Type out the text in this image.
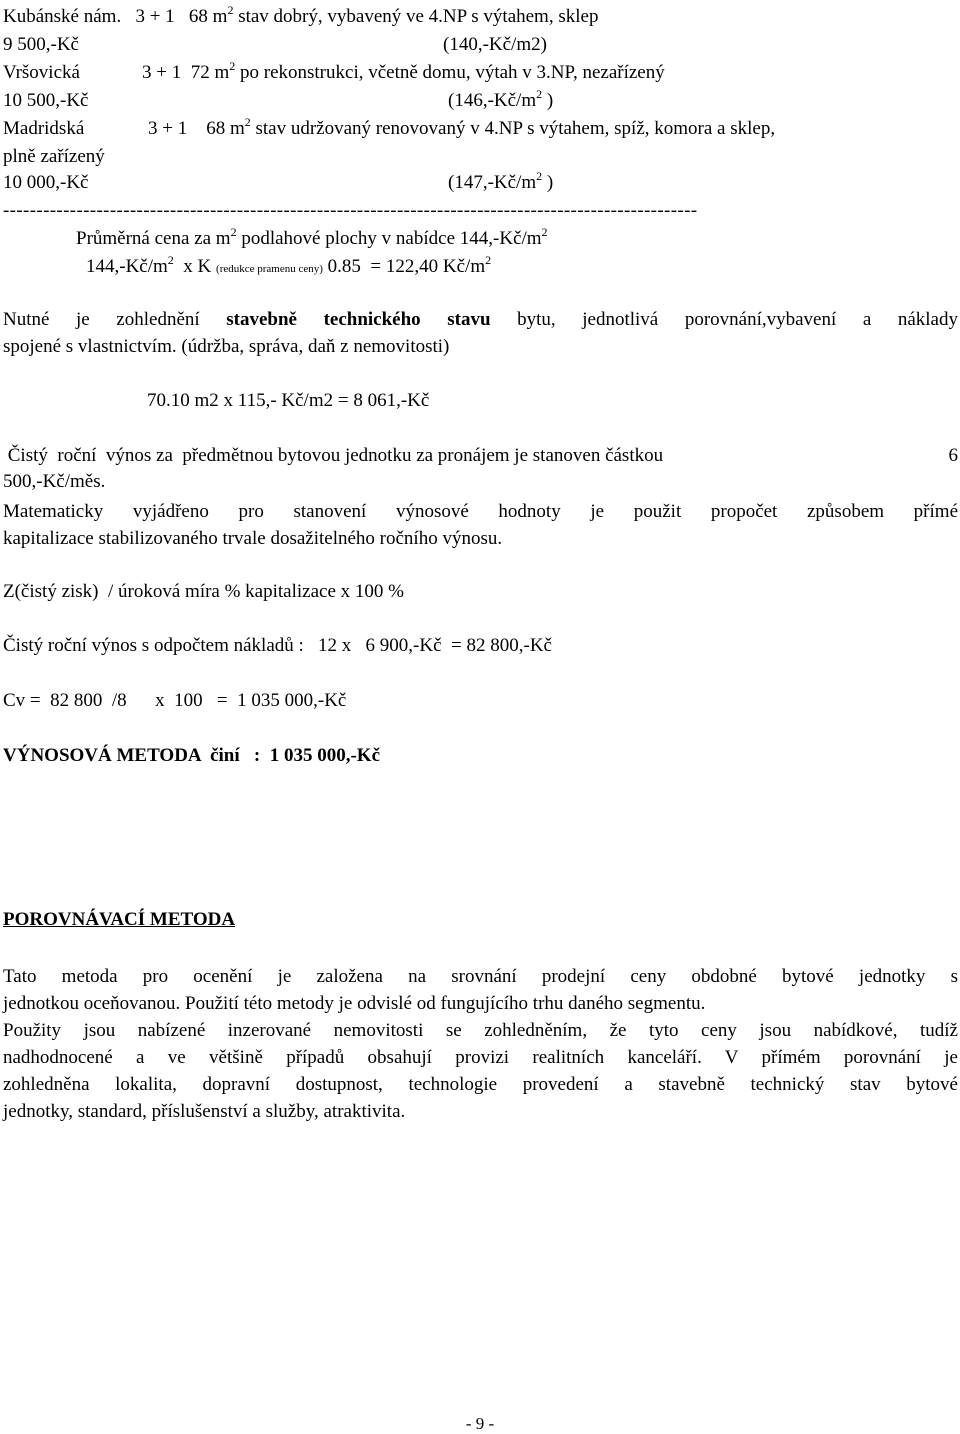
Kubánské nám. 3 + 1 68 $m^2$ stav dobrý, vybavený ve 4.NP s výtahem, sklep
9 500,-Kč	(140,-Kč/m2)
Vršovická	3 + 1 72 $m^2$ po rekonstrukci, včetně domu, výtah v 3.NP, nezařízený
10 500,-Kč	($146,-Kč/m^2$ )
Madridská	3 + 1 68 $m^2$ stav udržovaný renovovaný v 4.NP s výtahem, spíž, komora a sklep,
plně zařízený
10 000,-Kč	($147,-Kč/m^2$ )
--------------------------------------------------------------------------------------------------------
Průměrná cena za $m^2$ podlahové plochy v nabídce $144,-Kč/m^2$
$144,-Kč/m^2$ x K (redukce pramenu ceny) 0.85  = 122,40 $Kč/m^2$
Nutné je zohlednění stavebně technického stavu bytu, jednotlivá porovnání,vybavení a náklady
spojené s vlastnictvím. (údržba, správa, daň z nemovitosti)
70.10 m2 x 115,- Kč/m2 = 8 061,-Kč
Čistý  roční  výnos za  předmětnou bytovou jednotku za pronájem je stanoven částkou	6
500,-Kč/měs.
Matematicky vyjádřeno pro stanovení výnosové hodnoty je použit propočet způsobem přímé
kapitalizace stabilizovaného trvale dosažitelného ročního výnosu.
Z(čistý zisk)  / úroková míra % kapitalizace x 100 %
Čistý roční výnos s odpočtem nákladů :   12 x   6 900,-Kč  = 82 800,-Kč
Cv =  82 800  /8      x  100   =  1 035 000,-Kč
VÝNOSOVÁ METODA  činí   :  1 035 000,-Kč
POROVNÁVACÍ METODA
Tato metoda pro ocenění je založena na srovnání prodejní ceny obdobné bytové jednotky s
jednotkou oceňovanou. Použití této metody je odvislé od fungujícího trhu daného segmentu.
Použity jsou nabízené inzerované nemovitosti se zohledněním, že tyto ceny jsou nabídkové, tudíž
nadhodnocené a ve většině případů obsahují provizi realitních kanceláří. V přímém porovnání je
zohledněna lokalita, dopravní dostupnost, technologie provedení a stavebně technický stav bytové
jednotky, standard, příslušenství a služby, atraktivita.
- 9 -
